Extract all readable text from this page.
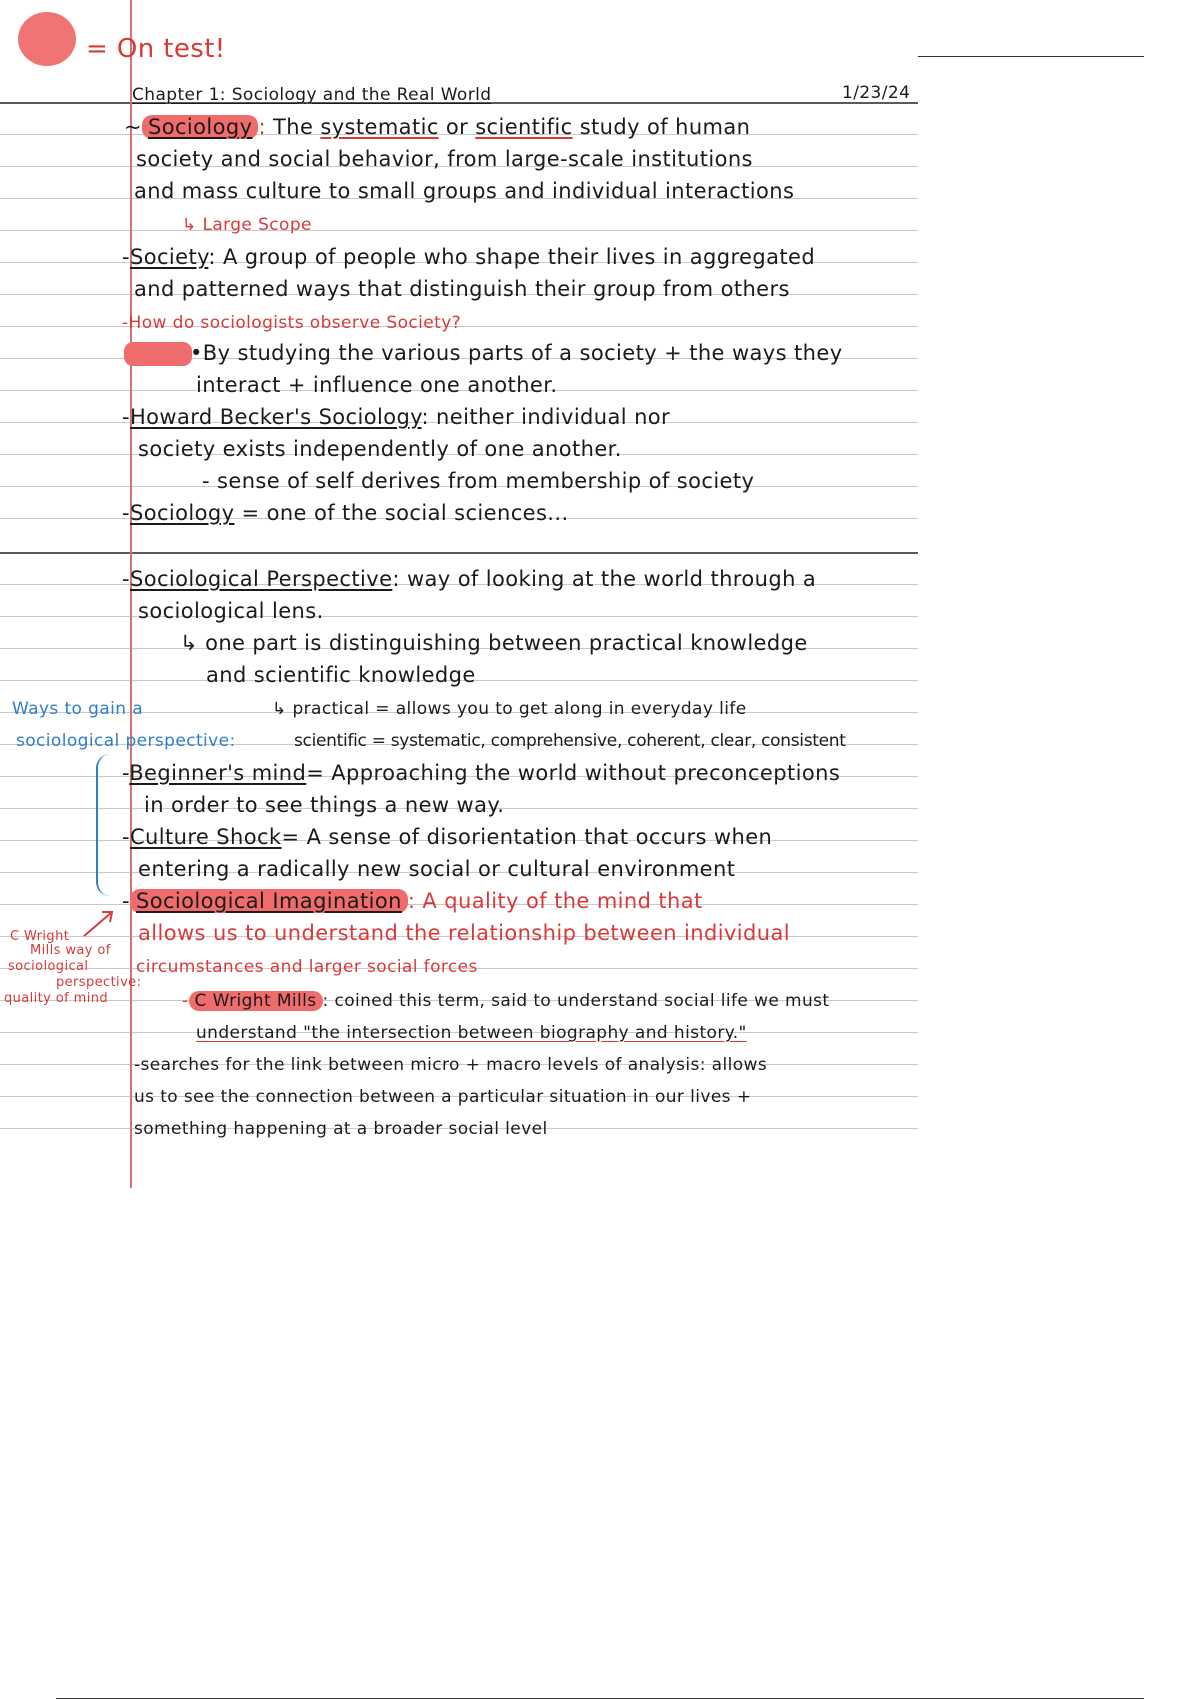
= On test!
Chapter 1: Sociology and the Real World	1/23/24
~ Sociology : The systematic or scientific study of human
society and social behavior, from large-scale institutions
and mass culture to small groups and individual interactions
↳ Large Scope
-Society: A group of people who shape their lives in aggregated
and patterned ways that distinguish their group from others
-How do sociologists observe Society?
•By studying the various parts of a society + the ways they
interact + influence one another.
-Howard Becker's Sociology: neither individual nor
society exists independently of one another.
- sense of self derives from membership of society
-Sociology = one of the social sciences...
-Sociological Perspective: way of looking at the world through a
sociological lens.
↳ one part is distinguishing between practical knowledge
and scientific knowledge
↳ practical = allows you to get along in everyday life
scientific = systematic, comprehensive, coherent, clear, consistent
Ways to gain a
sociological perspective:
-Beginner's mind= Approaching the world without preconceptions
in order to see things a new way.
-Culture Shock= A sense of disorientation that occurs when
entering a radically new social or cultural environment
- Sociological Imagination : A quality of the mind that
allows us to understand the relationship between individual
circumstances and larger social forces
C Wright
Mills way of
sociological
perspective:
quality of mind	- C Wright Mills : coined this term, said to understand social life we must
understand "the intersection between biography and history."
-searches for the link between micro + macro levels of analysis: allows
us to see the connection between a particular situation in our lives +
something happening at a broader social level
